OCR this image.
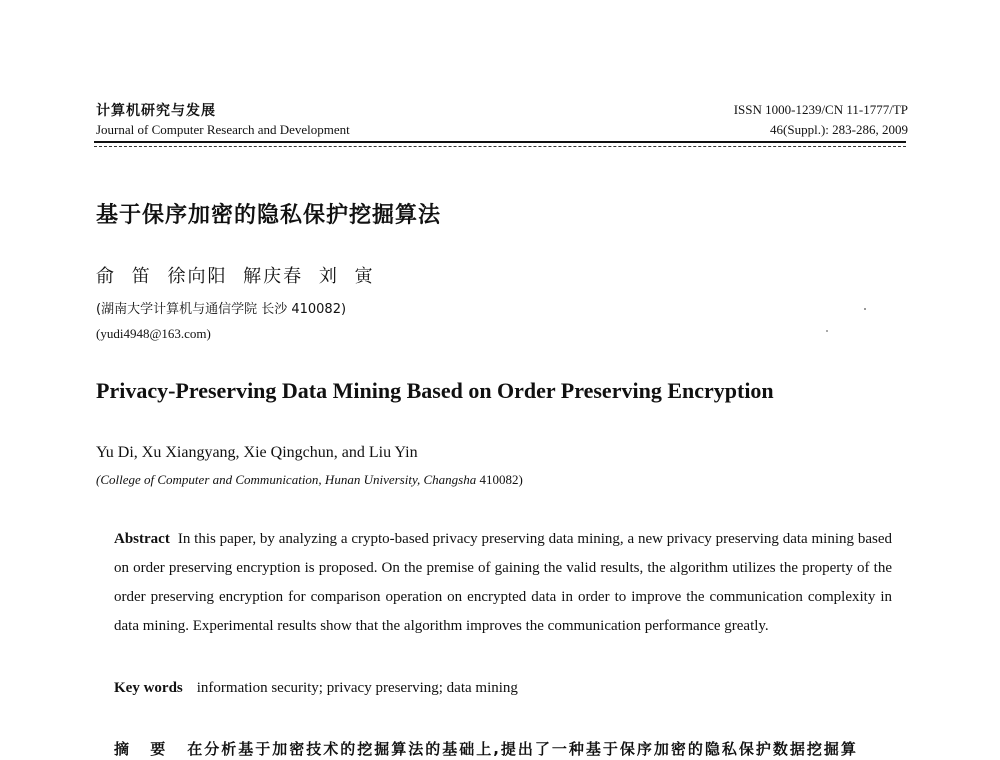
计算机研究与发展
Journal of Computer Research and Development
ISSN 1000-1239/CN 11-1777/TP
46(Suppl.): 283-286, 2009
基于保序加密的隐私保护挖掘算法
俞 笛 徐向阳 解庆春 刘 寅
(湖南大学计算机与通信学院 长沙 410082)
(yudi4948@163.com)
Privacy-Preserving Data Mining Based on Order Preserving Encryption
Yu Di, Xu Xiangyang, Xie Qingchun, and Liu Yin
(College of Computer and Communication, Hunan University, Changsha 410082)
Abstract In this paper, by analyzing a crypto-based privacy preserving data mining, a new privacy preserving data mining based on order preserving encryption is proposed. On the premise of gaining the valid results, the algorithm utilizes the property of the order preserving encryption for comparison operation on encrypted data in order to improve the communication complexity in data mining. Experimental results show that the algorithm improves the communication performance greatly.
Key words information security; privacy preserving; data mining
摘 要 在分析基于加密技术的挖掘算法的基础上,提出了一种基于保序加密的隐私保护数据挖掘算
